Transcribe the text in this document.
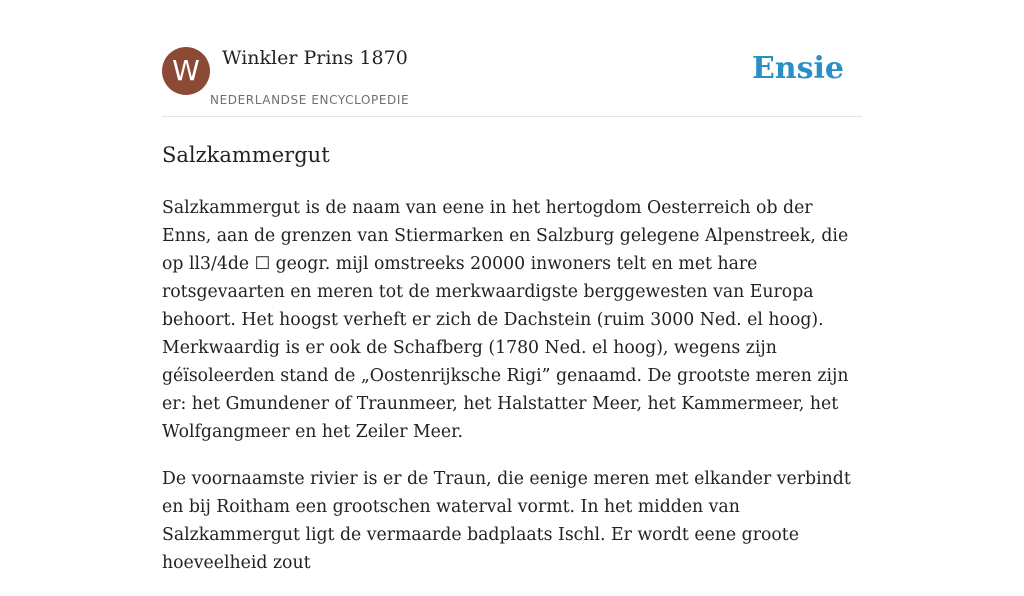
W	Winkler Prins 1870
NEDERLANDSE ENCYCLOPEDIE
Ensie
Salzkammergut

Salzkammergut is de naam van eene in het hertogdom Oesterreich ob der Enns, aan de grenzen van Stiermarken en Salzburg gelegene Alpenstreek, die op ll3/4de ☐ geogr. mijl omstreeks 20000 inwoners telt en met hare rotsgevaarten en meren tot de merkwaardigste berggewesten van Europa behoort. Het hoogst verheft er zich de Dachstein (ruim 3000 Ned. el hoog). Merkwaardig is er ook de Schafberg (1780 Ned. el hoog), wegens zijn géïsoleerden stand de „Oostenrijksche Rigi” genaamd. De grootste meren zijn er: het Gmundener of Traunmeer, het Halstatter Meer, het Kammermeer, het Wolfgangmeer en het Zeiler Meer.

De voornaamste rivier is er de Traun, die eenige meren met elkander verbindt en bij Roitham een grootschen waterval vormt. In het midden van Salzkammergut ligt de vermaarde badplaats Ischl. Er wordt eene groote hoeveelheid zout
